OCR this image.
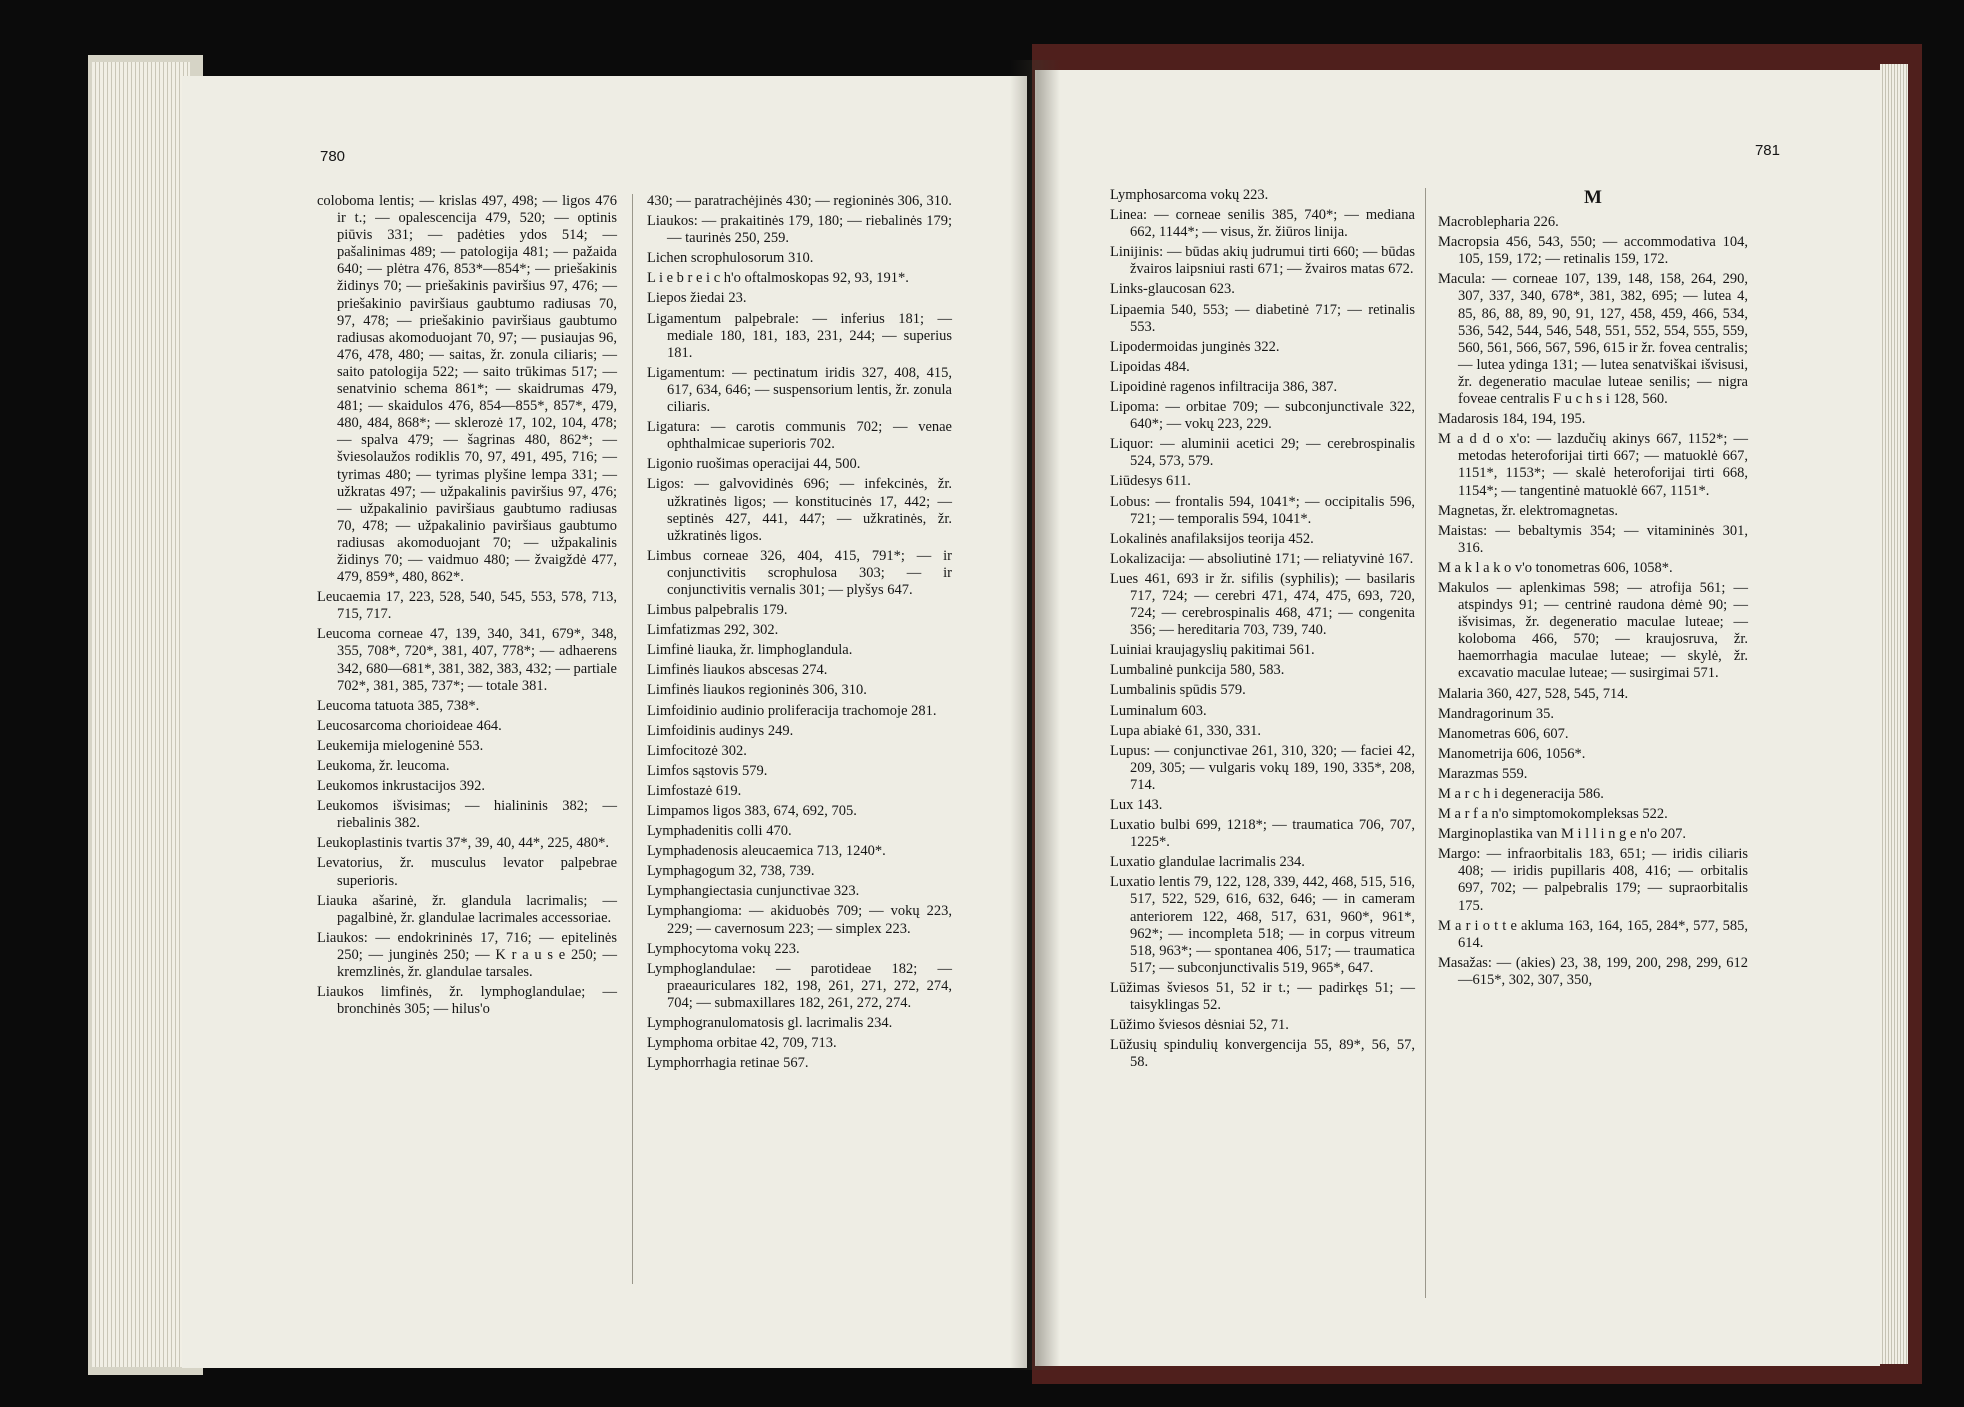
780
coloboma lentis; — krislas 497, 498; — ligos 476 ir t.; — opalescencija 479, 520; — optinis piūvis 331; — padėties ydos 514; — pašalinimas 489; — patologija 481; — pažaida 640; — plėtra 476, 853*—854*; — priešakinis židinys 70; — priešakinis paviršius 97, 476; — priešakinio paviršiaus gaubtumo radiusas 70, 97, 478; — priešakinio paviršiaus gaubtumo radiusas akomoduojant 70, 97; — pusiaujas 96, 476, 478, 480; — saitas, žr. zonula ciliaris; — saito patologija 522; — saito trūkimas 517; — senatvinio schema 861*; — skaidrumas 479, 481; — skaidulos 476, 854—855*, 857*, 479, 480, 484, 868*; — sklerozė 17, 102, 104, 478; — spalva 479; — šagrinas 480, 862*; — šviesolaužos rodiklis 70, 97, 491, 495, 716; — tyrimas 480; — tyrimas plyšine lempa 331; — užkratas 497; — užpakalinis paviršius 97, 476; — užpakalinio paviršiaus gaubtumo radiusas 70, 478; — užpakalinio paviršiaus gaubtumo radiusas akomoduojant 70; — užpakalinis židinys 70; — vaidmuo 480; — žvaigždė 477, 479, 859*, 480, 862*.
Leucaemia 17, 223, 528, 540, 545, 553, 578, 713, 715, 717.
Leucoma corneae 47, 139, 340, 341, 679*, 348, 355, 708*, 720*, 381, 407, 778*; — adhaerens 342, 680—681*, 381, 382, 383, 432; — partiale 702*, 381, 385, 737*; — totale 381.
Leucoma tatuota 385, 738*.
Leucosarcoma chorioideae 464.
Leukemija mielogeninė 553.
Leukoma, žr. leucoma.
Leukomos inkrustacijos 392.
Leukomos išvisimas; — hialininis 382; — riebalinis 382.
Leukoplastinis tvartis 37*, 39, 40, 44*, 225, 480*.
Levatorius, žr. musculus levator palpebrae superioris.
Liauka ašarinė, žr. glandula lacrimalis; — pagalbinė, žr. glandulae lacrimales accessoriae.
Liaukos: — endokrininės 17, 716; — epitelinės 250; — junginės 250; — K r a u s e 250; — kremzlinės, žr. glandulae tarsales.
Liaukos limfinės, žr. lymphoglandulae; — bronchinės 305; — hilus'o
430; — paratrachėjinės 430; — regioninės 306, 310.
Liaukos: — prakaitinės 179, 180; — riebalinės 179; — taurinės 250, 259.
Lichen scrophulosorum 310.
L i e b r e i c h'o oftalmoskopas 92, 93, 191*.
Liepos žiedai 23.
Ligamentum palpebrale: — inferius 181; — mediale 180, 181, 183, 231, 244; — superius 181.
Ligamentum: — pectinatum iridis 327, 408, 415, 617, 634, 646; — suspensorium lentis, žr. zonula ciliaris.
Ligatura: — carotis communis 702; — venae ophthalmicae superioris 702.
Ligonio ruošimas operacijai 44, 500.
Ligos: — galvovidinės 696; — infekcinės, žr. užkratinės ligos; — konstitucinės 17, 442; — septinės 427, 441, 447; — užkratinės, žr. užkratinės ligos.
Limbus corneae 326, 404, 415, 791*; — ir conjunctivitis scrophulosa 303; — ir conjunctivitis vernalis 301; — plyšys 647.
Limbus palpebralis 179.
Limfatizmas 292, 302.
Limfinė liauka, žr. limphoglandula.
Limfinės liaukos abscesas 274.
Limfinės liaukos regioninės 306, 310.
Limfoidinio audinio proliferacija trachomoje 281.
Limfoidinis audinys 249.
Limfocitozė 302.
Limfos sąstovis 579.
Limfostazė 619.
Limpamos ligos 383, 674, 692, 705.
Lymphadenitis colli 470.
Lymphadenosis aleucaemica 713, 1240*.
Lymphagogum 32, 738, 739.
Lymphangiectasia cunjunctivae 323.
Lymphangioma: — akiduobės 709; — vokų 223, 229; — cavernosum 223; — simplex 223.
Lymphocytoma vokų 223.
Lymphoglandulae: — parotideae 182; — praeauriculares 182, 198, 261, 271, 272, 274, 704; — submaxillares 182, 261, 272, 274.
Lymphogranulomatosis gl. lacrimalis 234.
Lymphoma orbitae 42, 709, 713.
Lymphorrhagia retinae 567.
781
Lymphosarcoma vokų 223.
Linea: — corneae senilis 385, 740*; — mediana 662, 1144*; — visus, žr. žiūros linija.
Linijinis: — būdas akių judrumui tirti 660; — būdas žvairos laipsniui rasti 671; — žvairos matas 672.
Links-glaucosan 623.
Lipaemia 540, 553; — diabetinė 717; — retinalis 553.
Lipodermoidas junginės 322.
Lipoidas 484.
Lipoidinė ragenos infiltracija 386, 387.
Lipoma: — orbitae 709; — subconjunctivale 322, 640*; — vokų 223, 229.
Liquor: — aluminii acetici 29; — cerebrospinalis 524, 573, 579.
Liūdesys 611.
Lobus: — frontalis 594, 1041*; — occipitalis 596, 721; — temporalis 594, 1041*.
Lokalinės anafilaksijos teorija 452.
Lokalizacija: — absoliutinė 171; — reliatyvinė 167.
Lues 461, 693 ir žr. sifilis (syphilis); — basilaris 717, 724; — cerebri 471, 474, 475, 693, 720, 724; — cerebrospinalis 468, 471; — congenita 356; — hereditaria 703, 739, 740.
Luiniai kraujagyslių pakitimai 561.
Lumbalinė punkcija 580, 583.
Lumbalinis spūdis 579.
Luminalum 603.
Lupa abiakė 61, 330, 331.
Lupus: — conjunctivae 261, 310, 320; — faciei 42, 209, 305; — vulgaris vokų 189, 190, 335*, 208, 714.
Lux 143.
Luxatio bulbi 699, 1218*; — traumatica 706, 707, 1225*.
Luxatio glandulae lacrimalis 234.
Luxatio lentis 79, 122, 128, 339, 442, 468, 515, 516, 517, 522, 529, 616, 632, 646; — in cameram anteriorem 122, 468, 517, 631, 960*, 961*, 962*; — incompleta 518; — in corpus vitreum 518, 963*; — spontanea 406, 517; — traumatica 517; — subconjunctivalis 519, 965*, 647.
Lūžimas šviesos 51, 52 ir t.; — padirkęs 51; — taisyklingas 52.
Lūžimo šviesos dėsniai 52, 71.
Lūžusių spindulių konvergencija 55, 89*, 56, 57, 58.
M
Macroblepharia 226.
Macropsia 456, 543, 550; — accommodativa 104, 105, 159, 172; — retinalis 159, 172.
Macula: — corneae 107, 139, 148, 158, 264, 290, 307, 337, 340, 678*, 381, 382, 695; — lutea 4, 85, 86, 88, 89, 90, 91, 127, 458, 459, 466, 534, 536, 542, 544, 546, 548, 551, 552, 554, 555, 559, 560, 561, 566, 567, 596, 615 ir žr. fovea centralis; — lutea ydinga 131; — lutea senatviškai išvisusi, žr. degeneratio maculae luteae senilis; — nigra foveae centralis F u c h s i 128, 560.
Madarosis 184, 194, 195.
M a d d o x'o: — lazdučių akinys 667, 1152*; — metodas heteroforijai tirti 667; — matuoklė 667, 1151*, 1153*; — skalė heteroforijai tirti 668, 1154*; — tangentinė matuoklė 667, 1151*.
Magnetas, žr. elektromagnetas.
Maistas: — bebaltymis 354; — vitamininės 301, 316.
M a k l a k o v'o tonometras 606, 1058*.
Makulos — aplenkimas 598; — atrofija 561; — atspindys 91; — centrinė raudona dėmė 90; — išvisimas, žr. degeneratio maculae luteae; — koloboma 466, 570; — kraujosruva, žr. haemorrhagia maculae luteae; — skylė, žr. excavatio maculae luteae; — susirgimai 571.
Malaria 360, 427, 528, 545, 714.
Mandragorinum 35.
Manometras 606, 607.
Manometrija 606, 1056*.
Marazmas 559.
M a r c h i degeneracija 586.
M a r f a n'o simptomokompleksas 522.
Marginoplastika van M i l l i n g e n'o 207.
Margo: — infraorbitalis 183, 651; — iridis ciliaris 408; — iridis pupillaris 408, 416; — orbitalis 697, 702; — palpebralis 179; — supraorbitalis 175.
M a r i o t t e akluma 163, 164, 165, 284*, 577, 585, 614.
Masažas: — (akies) 23, 38, 199, 200, 298, 299, 612—615*, 302, 307, 350,
